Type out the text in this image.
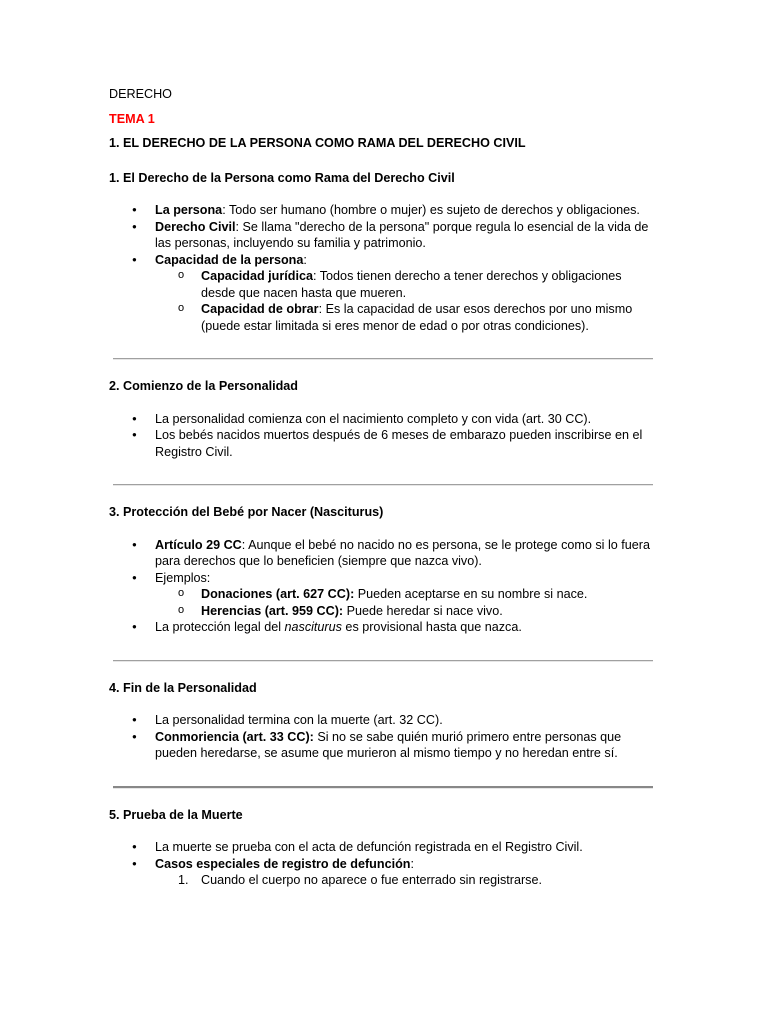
DERECHO

TEMA 1

1. EL DERECHO DE LA PERSONA COMO RAMA DEL DERECHO CIVIL

1. El Derecho de la Persona como Rama del Derecho Civil

● La persona: Todo ser humano (hombre o mujer) es sujeto de derechos y obligaciones.
● Derecho Civil: Se llama "derecho de la persona" porque regula lo esencial de la vida de las personas, incluyendo su familia y patrimonio.
● Capacidad de la persona:
o Capacidad jurídica: Todos tienen derecho a tener derechos y obligaciones desde que nacen hasta que mueren.
o Capacidad de obrar: Es la capacidad de usar esos derechos por uno mismo (puede estar limitada si eres menor de edad o por otras condiciones).

2. Comienzo de la Personalidad

● La personalidad comienza con el nacimiento completo y con vida (art. 30 CC).
● Los bebés nacidos muertos después de 6 meses de embarazo pueden inscribirse en el Registro Civil.

3. Protección del Bebé por Nacer (Nasciturus)

● Artículo 29 CC: Aunque el bebé no nacido no es persona, se le protege como si lo fuera para derechos que lo beneficien (siempre que nazca vivo).
● Ejemplos:
o Donaciones (art. 627 CC): Pueden aceptarse en su nombre si nace.
o Herencias (art. 959 CC): Puede heredar si nace vivo.
● La protección legal del nasciturus es provisional hasta que nazca.

4. Fin de la Personalidad

● La personalidad termina con la muerte (art. 32 CC).
● Conmoriencia (art. 33 CC): Si no se sabe quién murió primero entre personas que pueden heredarse, se asume que murieron al mismo tiempo y no heredan entre sí.

5. Prueba de la Muerte

● La muerte se prueba con el acta de defunción registrada en el Registro Civil.
● Casos especiales de registro de defunción:
1. Cuando el cuerpo no aparece o fue enterrado sin registrarse.
